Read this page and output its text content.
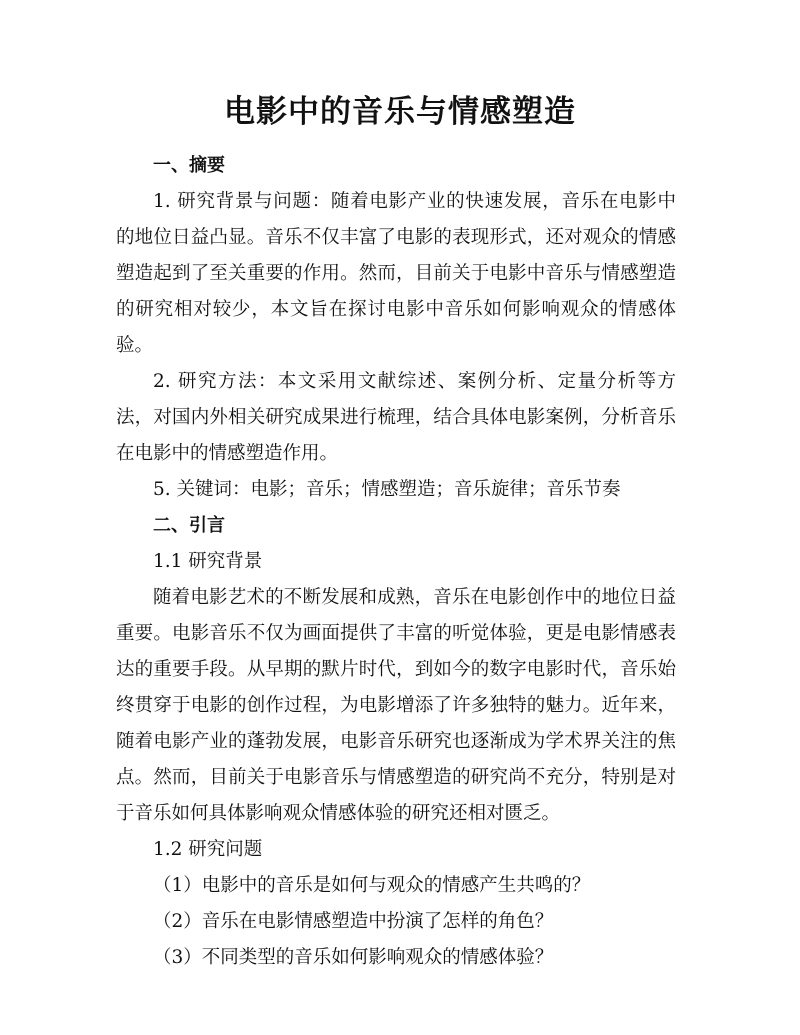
电影中的音乐与情感塑造

一、摘要

1. 研究背景与问题：随着电影产业的快速发展，音乐在电影中的地位日益凸显。音乐不仅丰富了电影的表现形式，还对观众的情感塑造起到了至关重要的作用。然而，目前关于电影中音乐与情感塑造的研究相对较少，本文旨在探讨电影中音乐如何影响观众的情感体验。

2. 研究方法：本文采用文献综述、案例分析、定量分析等方法，对国内外相关研究成果进行梳理，结合具体电影案例，分析音乐在电影中的情感塑造作用。

5. 关键词：电影；音乐；情感塑造；音乐旋律；音乐节奏

二、引言

1.1 研究背景

随着电影艺术的不断发展和成熟，音乐在电影创作中的地位日益重要。电影音乐不仅为画面提供了丰富的听觉体验，更是电影情感表达的重要手段。从早期的默片时代，到如今的数字电影时代，音乐始终贯穿于电影的创作过程，为电影增添了许多独特的魅力。近年来，随着电影产业的蓬勃发展，电影音乐研究也逐渐成为学术界关注的焦点。然而，目前关于电影音乐与情感塑造的研究尚不充分，特别是对于音乐如何具体影响观众情感体验的研究还相对匮乏。

1.2 研究问题

（1）电影中的音乐是如何与观众的情感产生共鸣的？

（2）音乐在电影情感塑造中扮演了怎样的角色？

（3）不同类型的音乐如何影响观众的情感体验？
